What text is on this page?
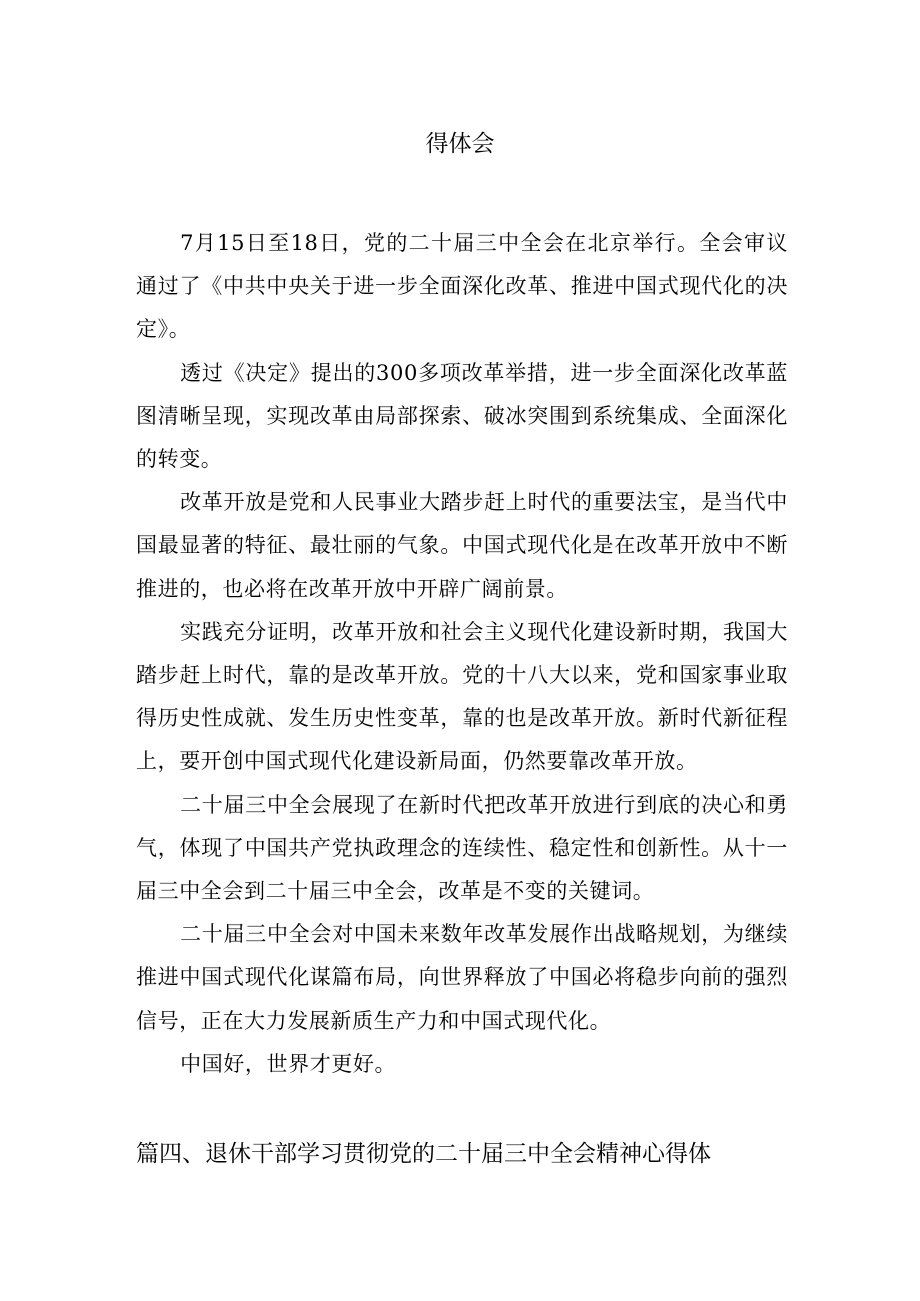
得体会

7月15日至18日，党的二十届三中全会在北京举行。全会审议通过了《中共中央关于进一步全面深化改革、推进中国式现代化的决定》。

透过《决定》提出的300多项改革举措，进一步全面深化改革蓝图清晰呈现，实现改革由局部探索、破冰突围到系统集成、全面深化的转变。

改革开放是党和人民事业大踏步赶上时代的重要法宝，是当代中国最显著的特征、最壮丽的气象。中国式现代化是在改革开放中不断推进的，也必将在改革开放中开辟广阔前景。

实践充分证明，改革开放和社会主义现代化建设新时期，我国大踏步赶上时代，靠的是改革开放。党的十八大以来，党和国家事业取得历史性成就、发生历史性变革，靠的也是改革开放。新时代新征程上，要开创中国式现代化建设新局面，仍然要靠改革开放。

二十届三中全会展现了在新时代把改革开放进行到底的决心和勇气，体现了中国共产党执政理念的连续性、稳定性和创新性。从十一届三中全会到二十届三中全会，改革是不变的关键词。

二十届三中全会对中国未来数年改革发展作出战略规划，为继续推进中国式现代化谋篇布局，向世界释放了中国必将稳步向前的强烈信号，正在大力发展新质生产力和中国式现代化。

中国好，世界才更好。

篇四、退休干部学习贯彻党的二十届三中全会精神心得体
